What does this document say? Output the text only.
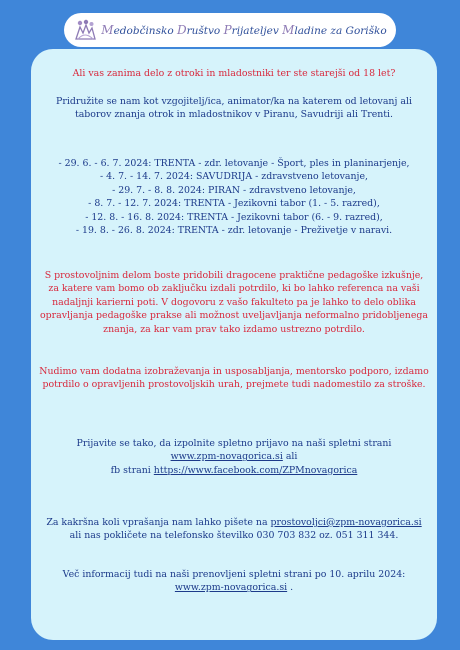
Medobčinsko Društvo Prijateljev Mladine za Goriško

Ali vas zanima delo z otroki in mladostniki ter ste starejši od 18 let?

Pridružite se nam kot vzgojitelj/ica, animator/ka na katerem od letovanj ali taborov znanja otrok in mladostnikov v Piranu, Savudriji ali Trenti.

- 29. 6. - 6. 7. 2024: TRENTA - zdr. letovanje - Šport, ples in planinarjenje,
- 4. 7. - 14. 7. 2024: SAVUDRIJA - zdravstveno letovanje,
- 29. 7. - 8. 8. 2024: PIRAN - zdravstveno letovanje,
- 8. 7. - 12. 7. 2024: TRENTA - Jezikovni tabor (1. - 5. razred),
- 12. 8. - 16. 8. 2024: TRENTA - Jezikovni tabor (6. - 9. razred),
- 19. 8. - 26. 8. 2024: TRENTA - zdr. letovanje - Preživetje v naravi.

S prostovoljnim delom boste pridobili dragocene praktične pedagoške izkušnje, za katere vam bomo ob zaključku izdali potrdilo, ki bo lahko referenca na vaši nadaljnji karierni poti. V dogovoru z vašo fakulteto pa je lahko to delo oblika opravljanja pedagoške prakse ali možnost uveljavljanja neformalno pridobljenega znanja, za kar vam prav tako izdamo ustrezno potrdilo.

Nudimo vam dodatna izobraževanja in usposabljanja, mentorsko podporo, izdamo potrdilo o opravljenih prostovoljskih urah, prejmete tudi nadomestilo za stroške.

Prijavite se tako, da izpolnite spletno prijavo na naši spletni strani
www.zpm-novagorica.si ali
fb strani https://www.facebook.com/ZPMnovagorica
Za kakršna koli vprašanja nam lahko pišete na prostovoljci@zpm-novagorica.si
ali nas pokličete na telefonsko številko 030 703 832 oz. 051 311 344.
Več informacij tudi na naši prenovljeni spletni strani po 10. aprilu 2024:
www.zpm-novagorica.si .
